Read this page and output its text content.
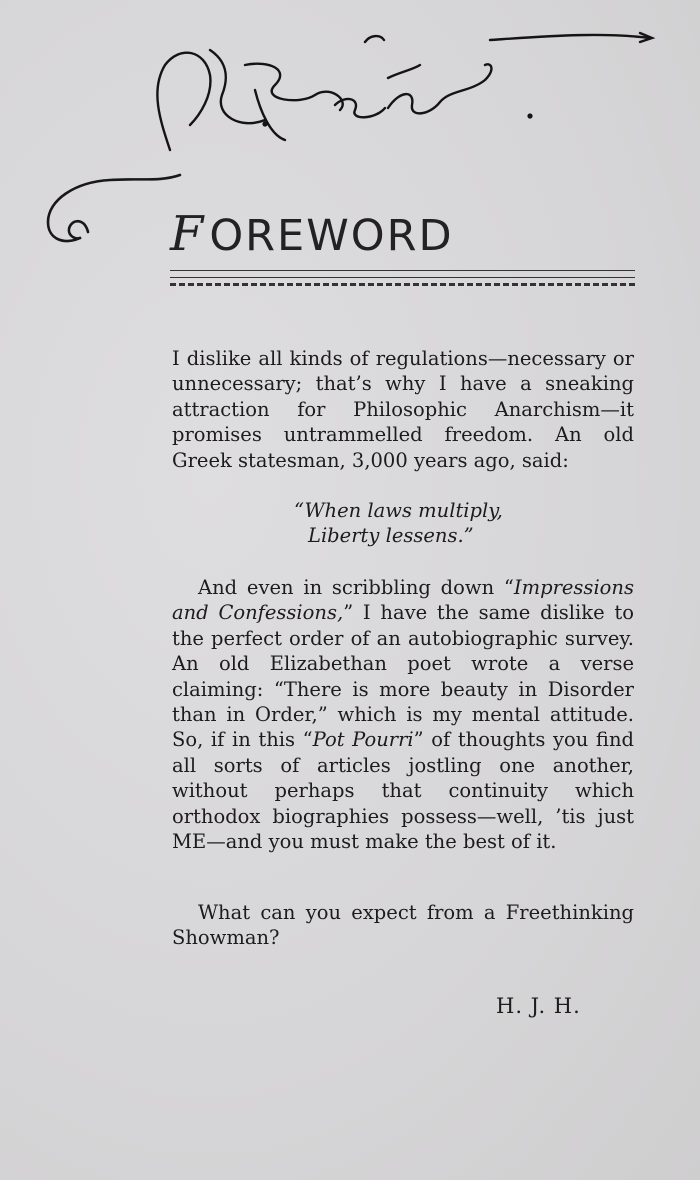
FOREWORD

I dislike all kinds of regulations—necessary or unnecessary; that’s why I have a sneaking attraction for Philosophic Anarchism—it promises untrammelled freedom. An old Greek statesman, 3,000 years ago, said:

“When laws multiply,
Liberty lessens.”

And even in scribbling down “Impressions and Confessions,” I have the same dislike to the perfect order of an autobiographic survey. An old Elizabethan poet wrote a verse claiming: “There is more beauty in Disorder than in Order,” which is my mental attitude. So, if in this “Pot Pourri” of thoughts you find all sorts of articles jostling one another, without perhaps that continuity which orthodox biographies possess—well, ’tis just ME—and you must make the best of it.

What can you expect from a Freethinking Showman?

H. J. H.
